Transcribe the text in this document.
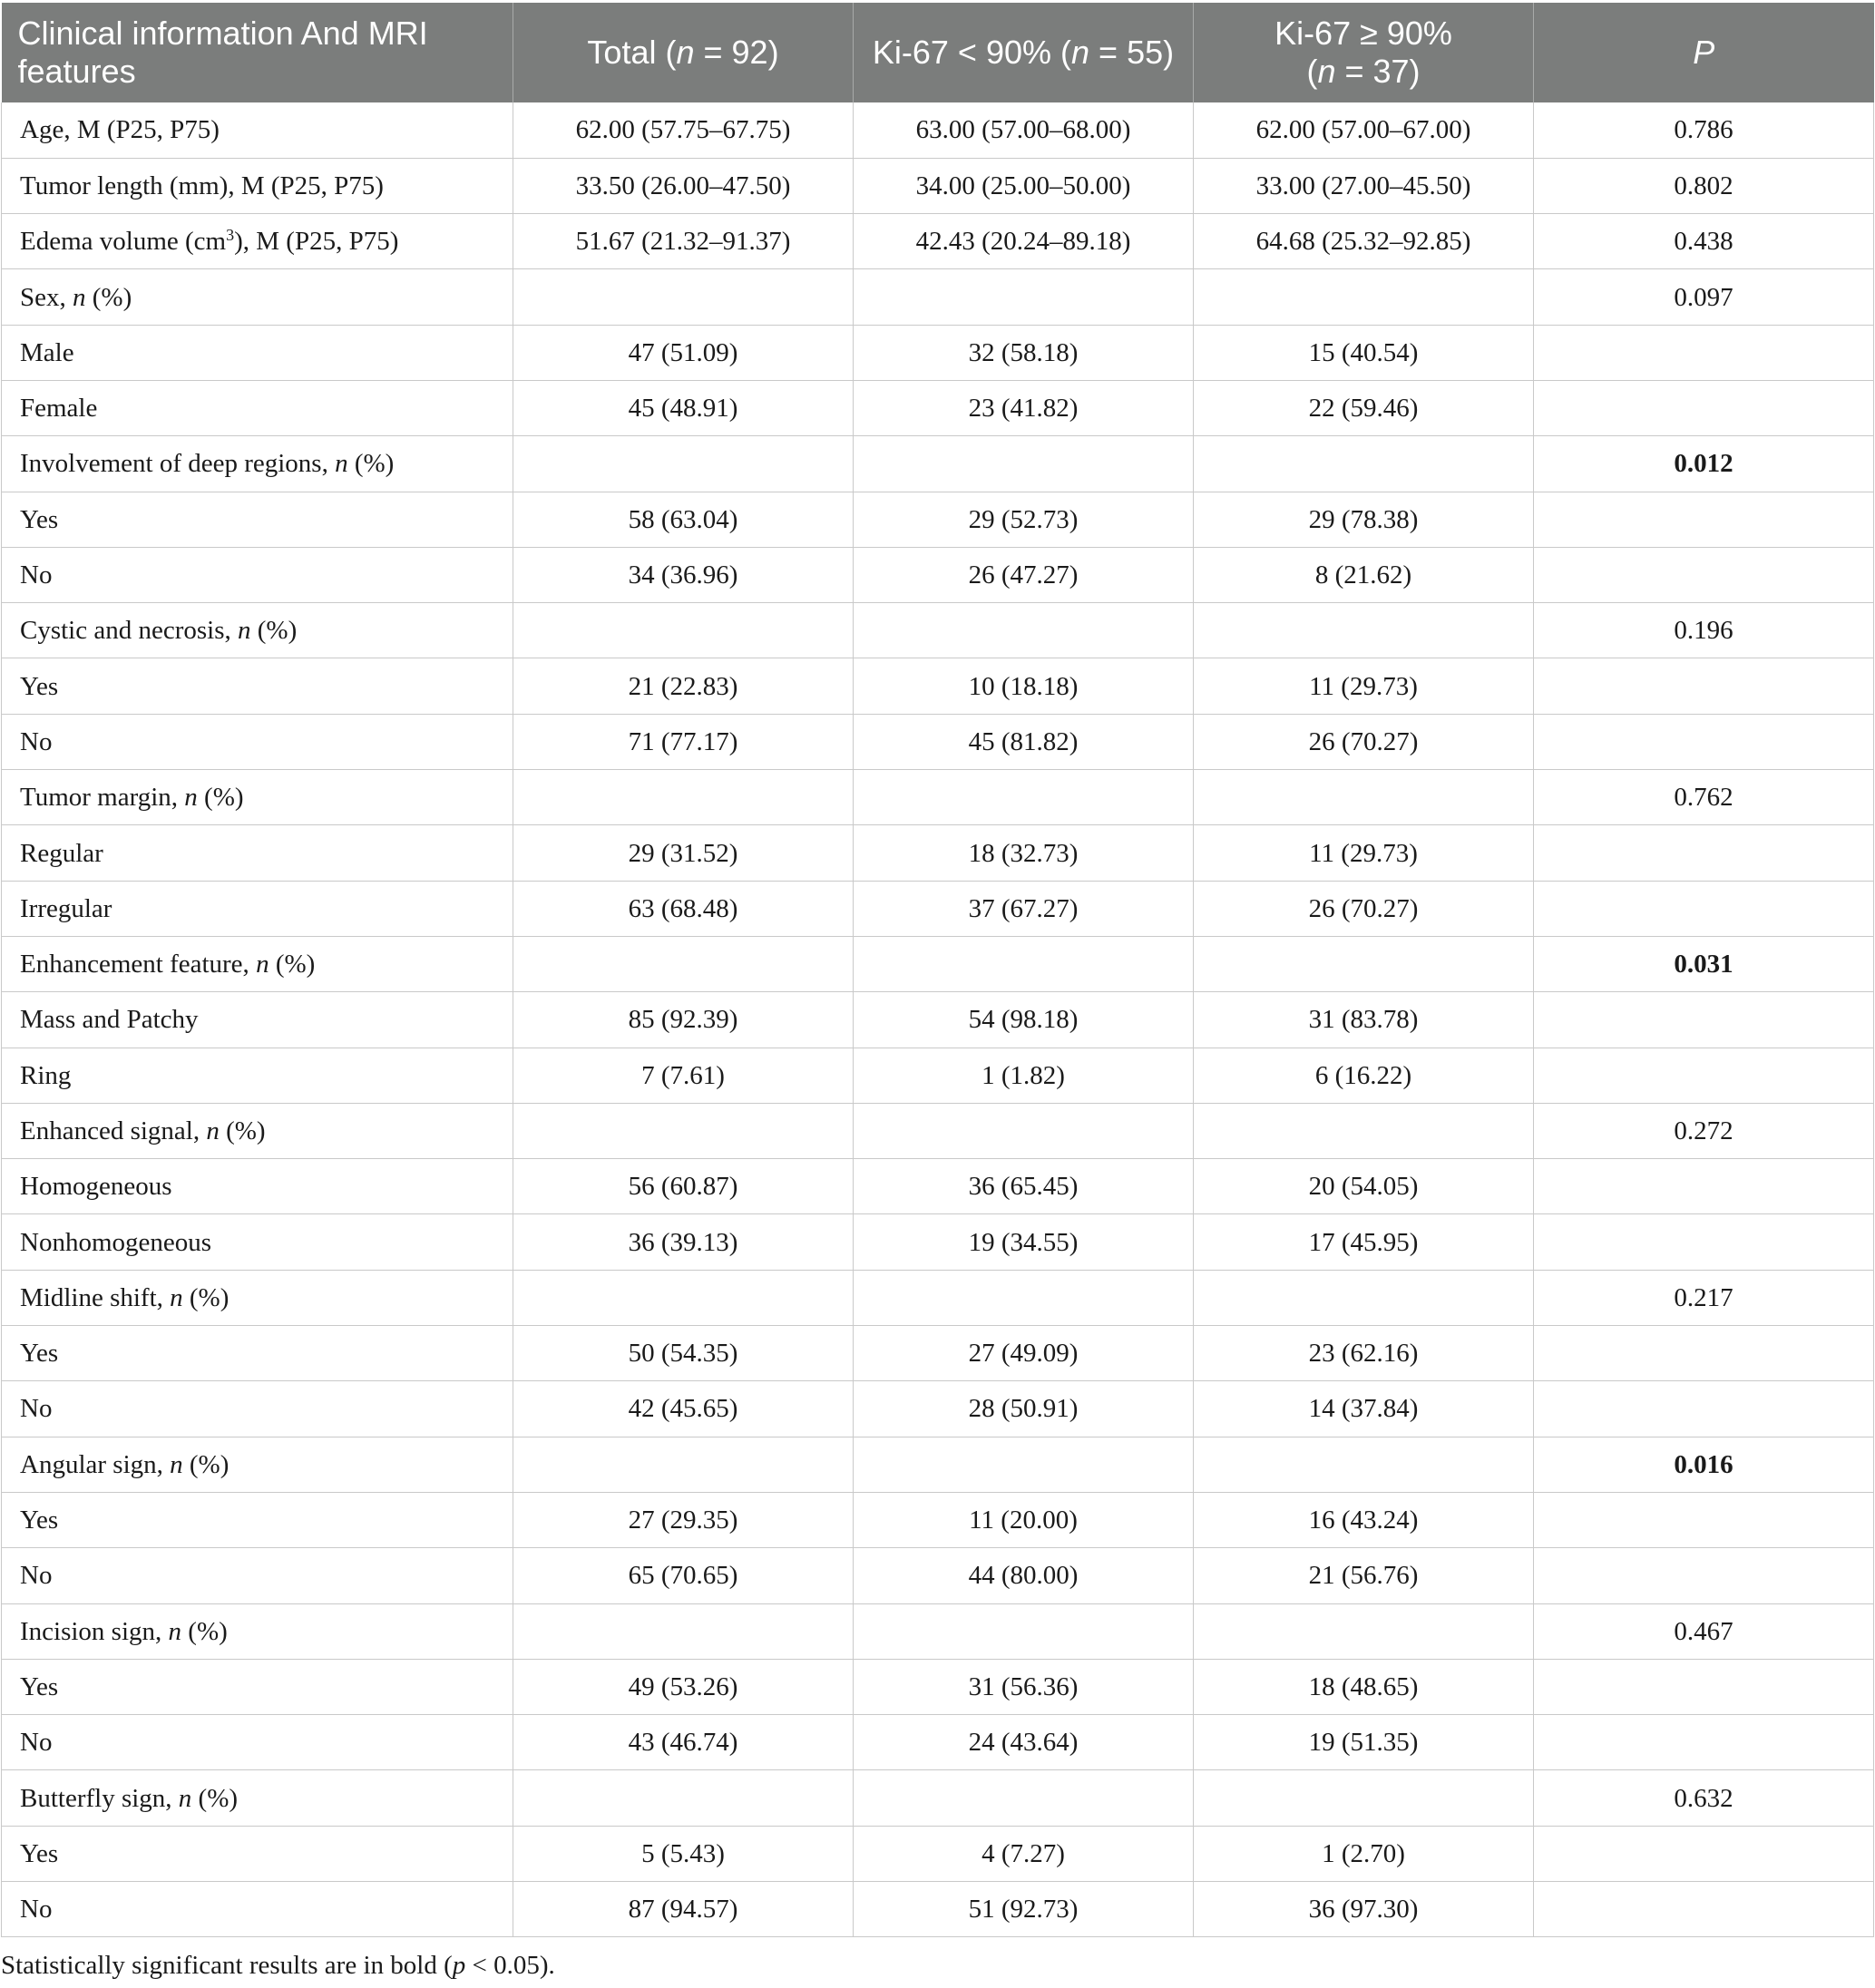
Clinical information And MRI features	Total (n = 92)	Ki-67 < 90% (n = 55)	Ki-67 ≥ 90%
(n = 37)	P
Age, M (P25, P75)	62.00 (57.75–67.75)	63.00 (57.00–68.00)	62.00 (57.00–67.00)	0.786
Tumor length (mm), M (P25, P75)	33.50 (26.00–47.50)	34.00 (25.00–50.00)	33.00 (27.00–45.50)	0.802
Edema volume $(cm^3)$, M (P25, P75)	51.67 (21.32–91.37)	42.43 (20.24–89.18)	64.68 (25.32–92.85)	0.438
Sex, n (%)				0.097
Male	47 (51.09)	32 (58.18)	15 (40.54)	
Female	45 (48.91)	23 (41.82)	22 (59.46)	
Involvement of deep regions, n (%)				0.012
Yes	58 (63.04)	29 (52.73)	29 (78.38)	
No	34 (36.96)	26 (47.27)	8 (21.62)	
Cystic and necrosis, n (%)				0.196
Yes	21 (22.83)	10 (18.18)	11 (29.73)	
No	71 (77.17)	45 (81.82)	26 (70.27)	
Tumor margin, n (%)				0.762
Regular	29 (31.52)	18 (32.73)	11 (29.73)	
Irregular	63 (68.48)	37 (67.27)	26 (70.27)	
Enhancement feature, n (%)				0.031
Mass and Patchy	85 (92.39)	54 (98.18)	31 (83.78)	
Ring	7 (7.61)	1 (1.82)	6 (16.22)	
Enhanced signal, n (%)				0.272
Homogeneous	56 (60.87)	36 (65.45)	20 (54.05)	
Nonhomogeneous	36 (39.13)	19 (34.55)	17 (45.95)	
Midline shift, n (%)				0.217
Yes	50 (54.35)	27 (49.09)	23 (62.16)	
No	42 (45.65)	28 (50.91)	14 (37.84)	
Angular sign, n (%)				0.016
Yes	27 (29.35)	11 (20.00)	16 (43.24)	
No	65 (70.65)	44 (80.00)	21 (56.76)	
Incision sign, n (%)				0.467
Yes	49 (53.26)	31 (56.36)	18 (48.65)	
No	43 (46.74)	24 (43.64)	19 (51.35)	
Butterfly sign, n (%)				0.632
Yes	5 (5.43)	4 (7.27)	1 (2.70)	
No	87 (94.57)	51 (92.73)	36 (97.30)	
Statistically significant results are in bold (p < 0.05).
